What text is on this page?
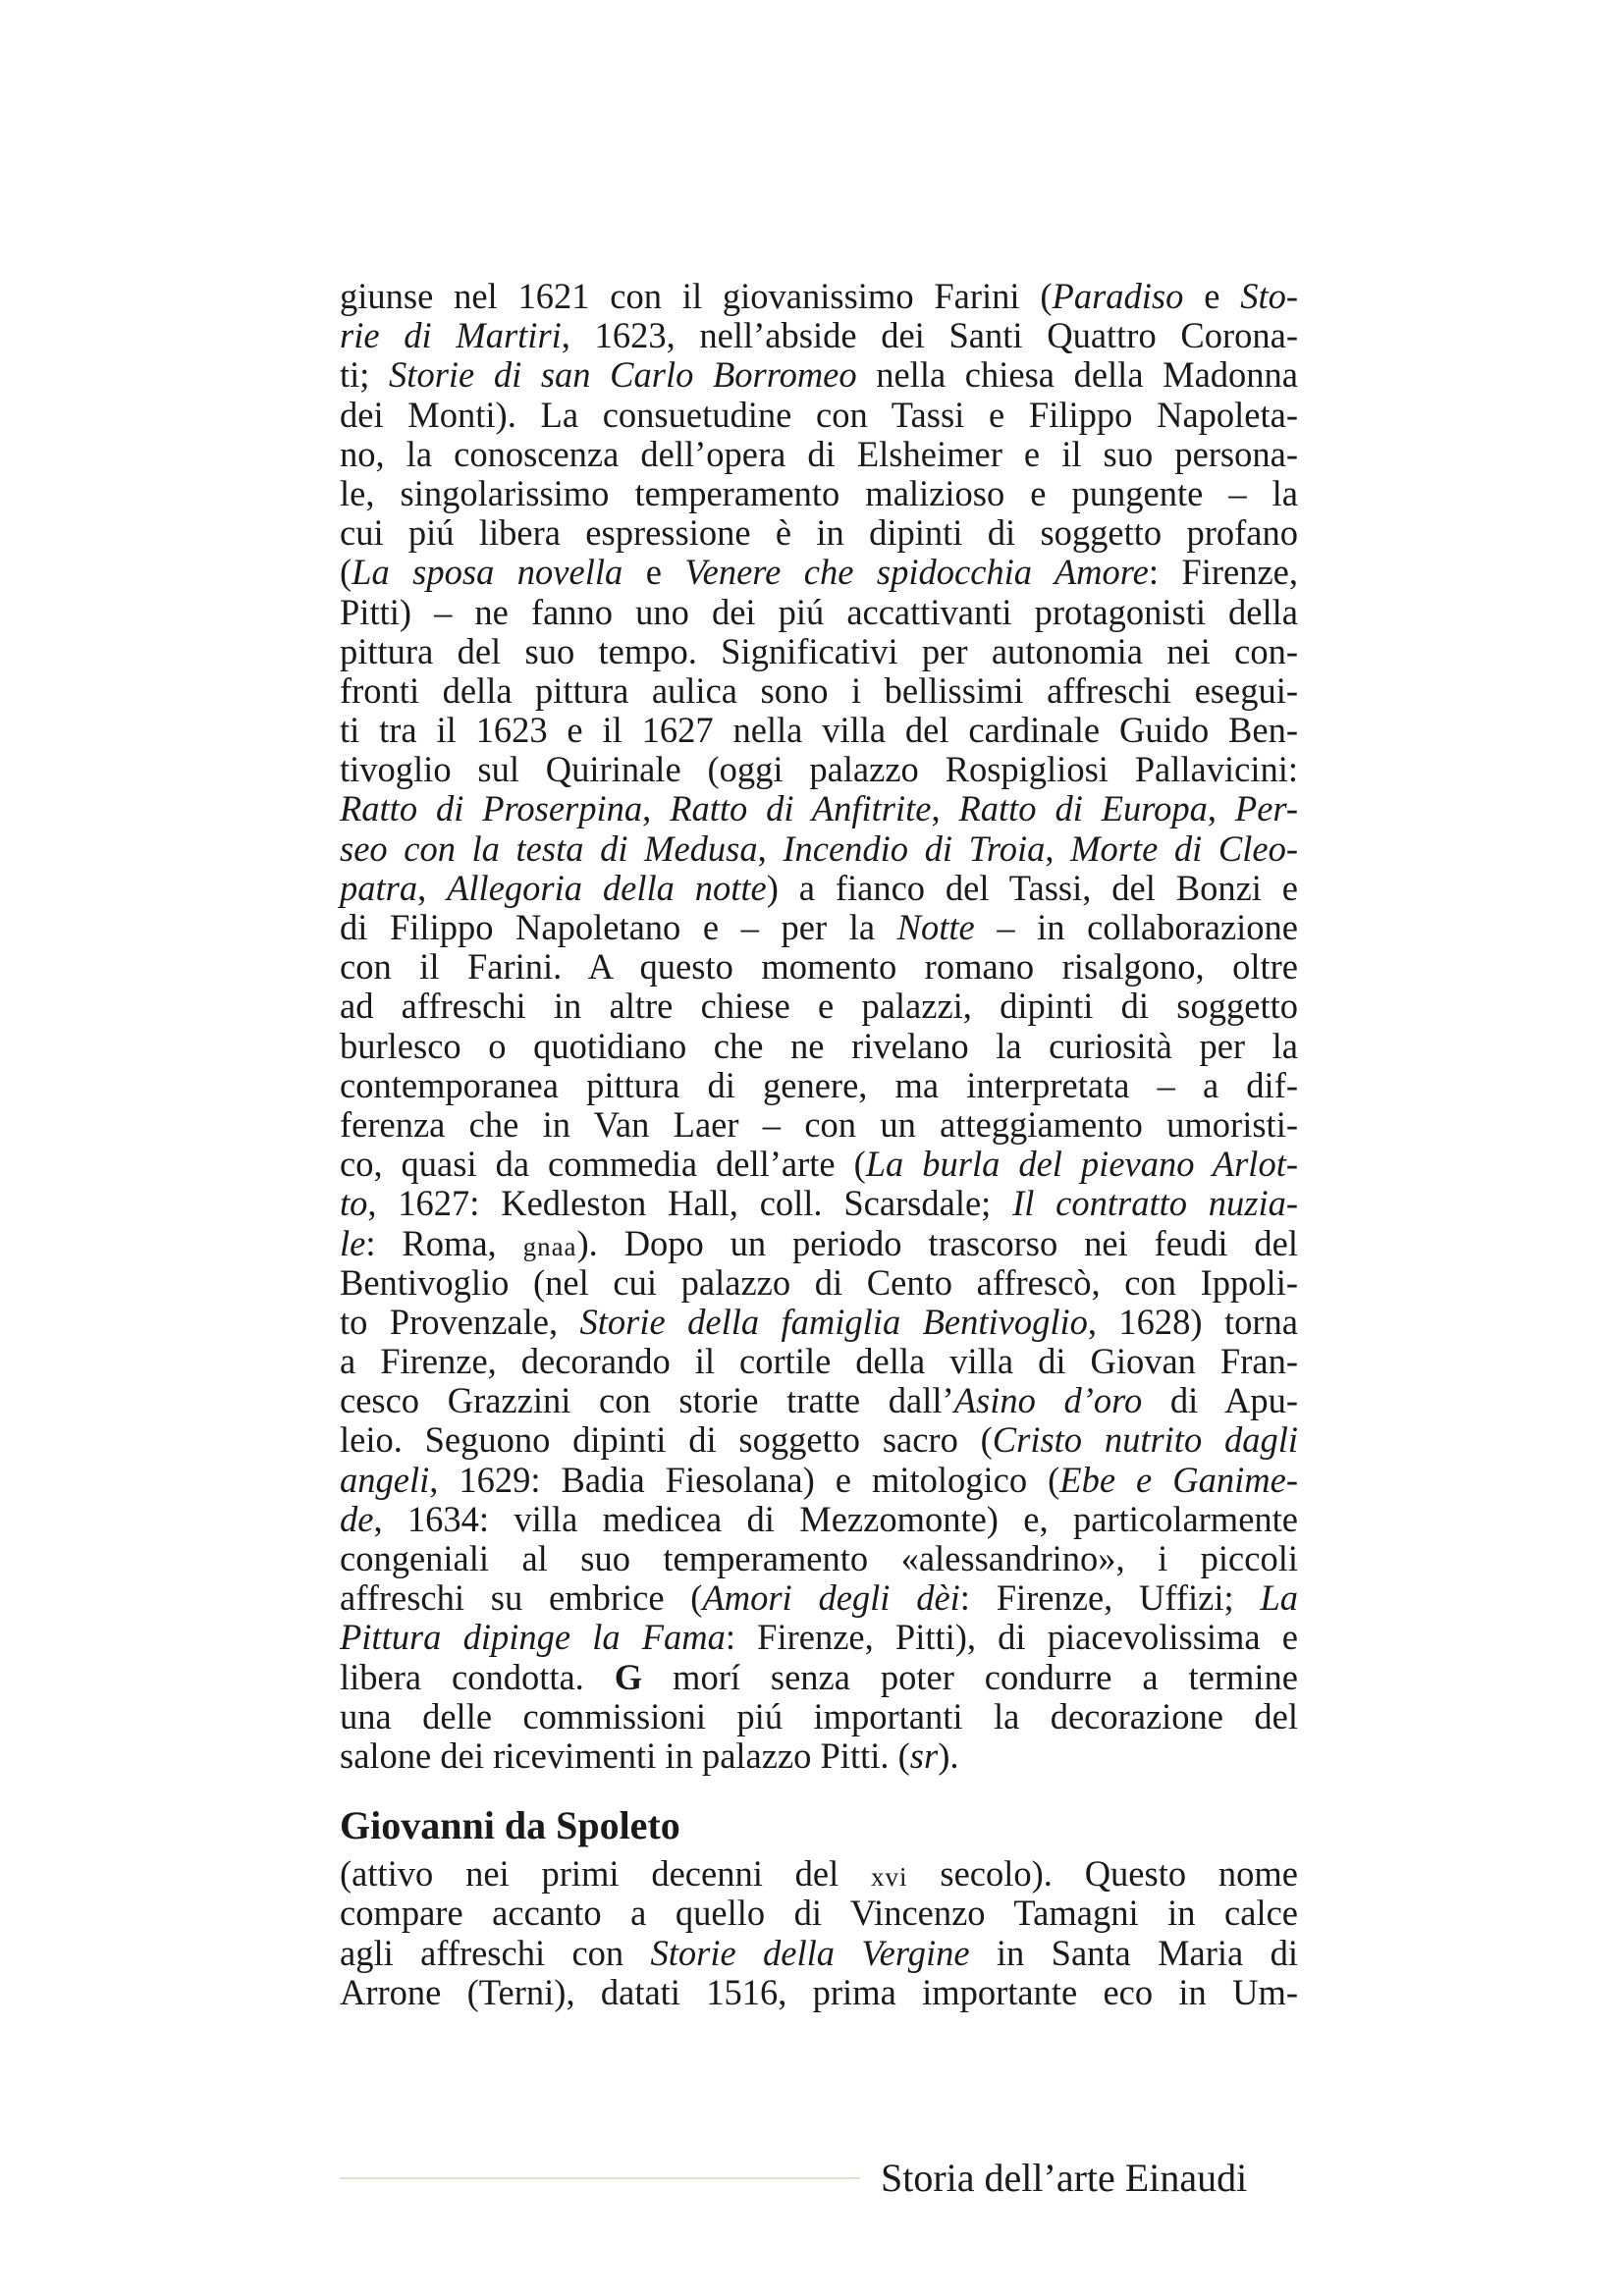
giunse nel 1621 con il giovanissimo Farini (Paradiso e Sto-
rie di Martiri, 1623, nell’abside dei Santi Quattro Corona-
ti; Storie di san Carlo Borromeo nella chiesa della Madonna
dei Monti). La consuetudine con Tassi e Filippo Napoleta-
no, la conoscenza dell’opera di Elsheimer e il suo persona-
le, singolarissimo temperamento malizioso e pungente – la
cui piú libera espressione è in dipinti di soggetto profano
(La sposa novella e Venere che spidocchia Amore: Firenze,
Pitti) – ne fanno uno dei piú accattivanti protagonisti della
pittura del suo tempo. Significativi per autonomia nei con-
fronti della pittura aulica sono i bellissimi affreschi esegui-
ti tra il 1623 e il 1627 nella villa del cardinale Guido Ben-
tivoglio sul Quirinale (oggi palazzo Rospigliosi Pallavicini:
Ratto di Proserpina, Ratto di Anfitrite, Ratto di Europa, Per-
seo con la testa di Medusa, Incendio di Troia, Morte di Cleo-
patra, Allegoria della notte) a fianco del Tassi, del Bonzi e
di Filippo Napoletano e – per la Notte – in collaborazione
con il Farini. A questo momento romano risalgono, oltre
ad affreschi in altre chiese e palazzi, dipinti di soggetto
burlesco o quotidiano che ne rivelano la curiosità per la
contemporanea pittura di genere, ma interpretata – a dif-
ferenza che in Van Laer – con un atteggiamento umoristi-
co, quasi da commedia dell’arte (La burla del pievano Arlot-
to, 1627: Kedleston Hall, coll. Scarsdale; Il contratto nuzia-
le: Roma, gnaa). Dopo un periodo trascorso nei feudi del
Bentivoglio (nel cui palazzo di Cento affrescò, con Ippoli-
to Provenzale, Storie della famiglia Bentivoglio, 1628) torna
a Firenze, decorando il cortile della villa di Giovan Fran-
cesco Grazzini con storie tratte dall’Asino d’oro di Apu-
leio. Seguono dipinti di soggetto sacro (Cristo nutrito dagli
angeli, 1629: Badia Fiesolana) e mitologico (Ebe e Ganime-
de, 1634: villa medicea di Mezzomonte) e, particolarmente
congeniali al suo temperamento «alessandrino», i piccoli
affreschi su embrice (Amori degli dèi: Firenze, Uffizi; La
Pittura dipinge la Fama: Firenze, Pitti), di piacevolissima e
libera condotta. G morí senza poter condurre a termine
una delle commissioni piú importanti la decorazione del
salone dei ricevimenti in palazzo Pitti. (sr).
Giovanni da Spoleto
(attivo nei primi decenni del xvi secolo). Questo nome
compare accanto a quello di Vincenzo Tamagni in calce
agli affreschi con Storie della Vergine in Santa Maria di
Arrone (Terni), datati 1516, prima importante eco in Um-
Storia dell’arte Einaudi
